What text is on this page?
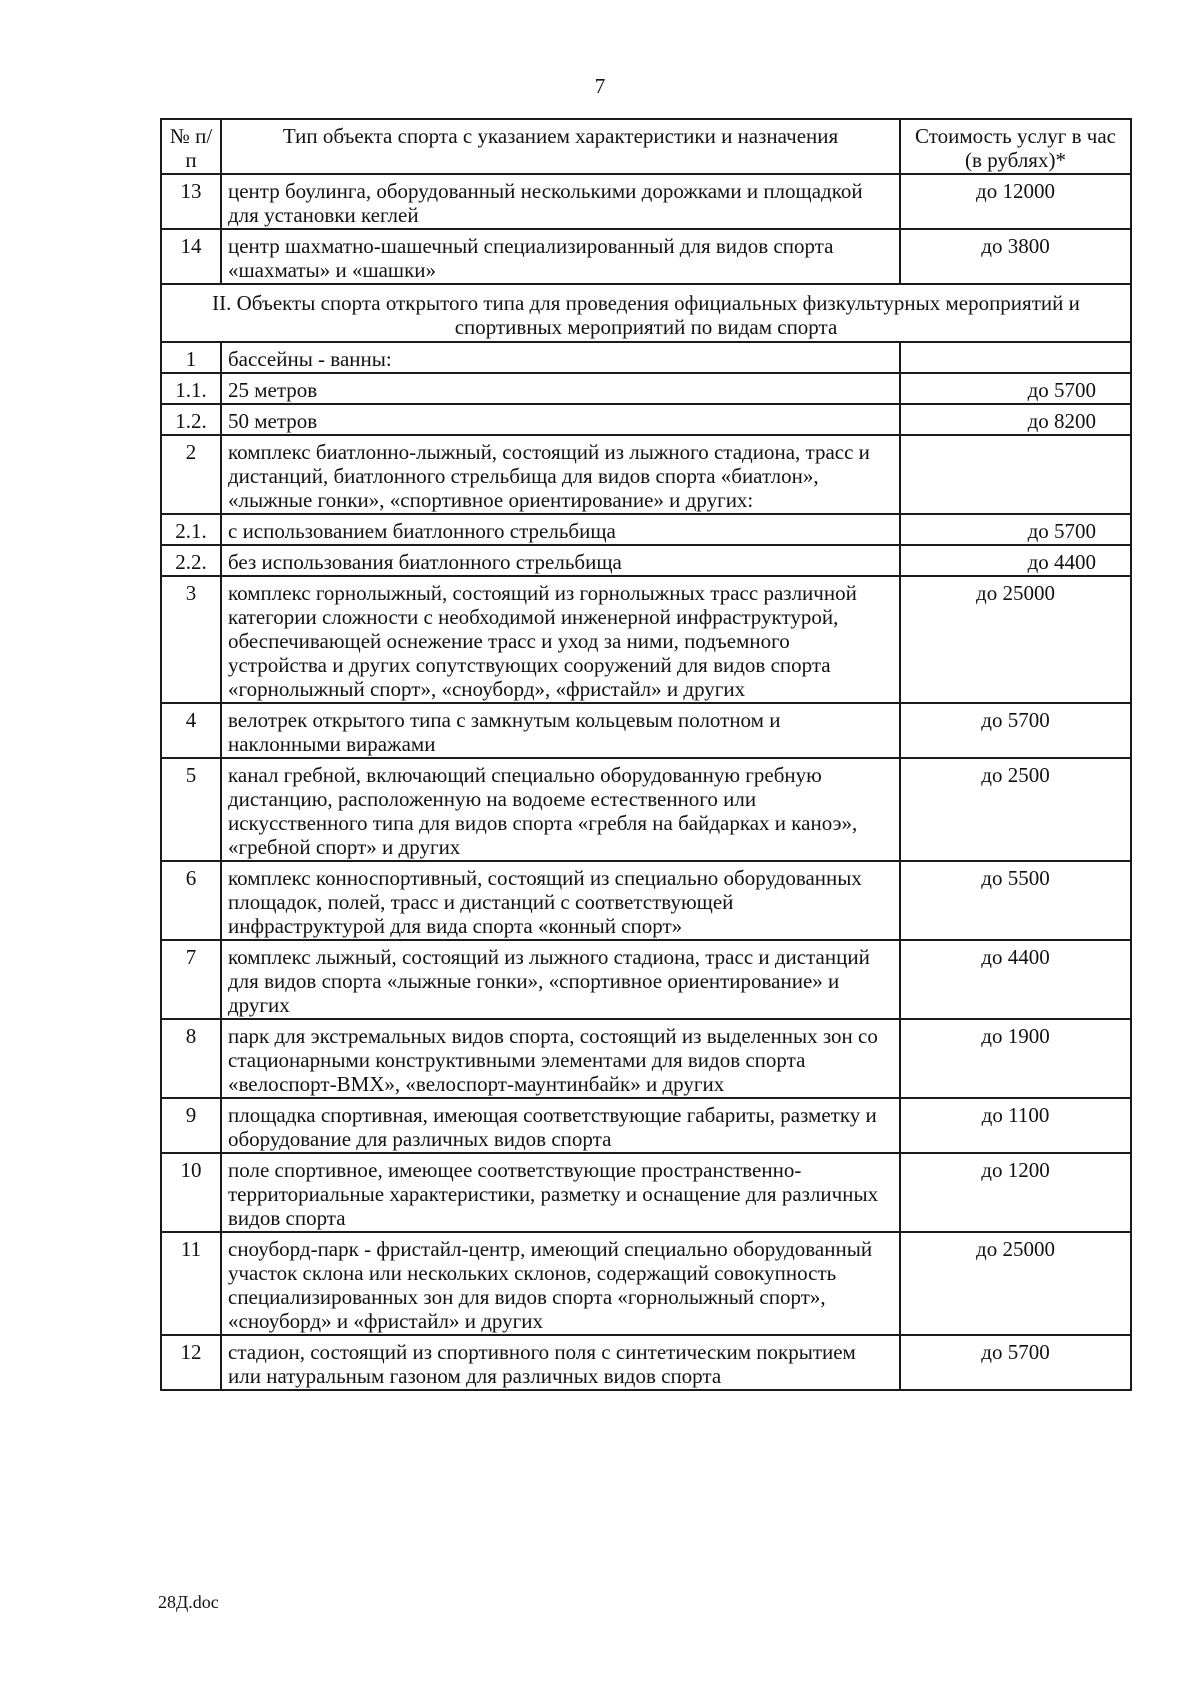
7
№ п/п	Тип объекта спорта с указанием характеристики и назначения	Стоимость услуг в час (в рублях)*
13	центр боулинга, оборудованный несколькими дорожками и площадкой для установки кеглей	до 12000
14	центр шахматно-шашечный специализированный для видов спорта «шахматы» и «шашки»	до 3800
II. Объекты спорта открытого типа для проведения официальных физкультурных мероприятий и спортивных мероприятий по видам спорта		
1	бассейны - ванны:	
1.1.	25 метров	до 5700
1.2.	50 метров	до 8200
2	комплекс биатлонно-лыжный, состоящий из лыжного стадиона, трасс и дистанций, биатлонного стрельбища для видов спорта «биатлон», «лыжные гонки», «спортивное ориентирование» и других:	
2.1.	с использованием биатлонного стрельбища	до 5700
2.2.	без использования биатлонного стрельбища	до 4400
3	комплекс горнолыжный, состоящий из горнолыжных трасс различной категории сложности с необходимой инженерной инфраструктурой, обеспечивающей оснежение трасс и уход за ними, подъемного устройства и других сопутствующих сооружений для видов спорта «горнолыжный спорт», «сноуборд», «фристайл» и других	до 25000
4	велотрек открытого типа с замкнутым кольцевым полотном и наклонными виражами	до 5700
5	канал гребной, включающий специально оборудованную гребную дистанцию, расположенную на водоеме естественного или искусственного типа для видов спорта «гребля на байдарках и каноэ», «гребной спорт» и других	до 2500
6	комплекс конноспортивный, состоящий из специально оборудованных площадок, полей, трасс и дистанций с соответствующей инфраструктурой для вида спорта «конный спорт»	до 5500
7	комплекс лыжный, состоящий из лыжного стадиона, трасс и дистанций для видов спорта «лыжные гонки», «спортивное ориентирование» и других	до 4400
8	парк для экстремальных видов спорта, состоящий из выделенных зон со стационарными конструктивными элементами для видов спорта «велоспорт-ВМХ», «велоспорт-маунтинбайк» и других	до 1900
9	площадка спортивная, имеющая соответствующие габариты, разметку и оборудование для различных видов спорта	до 1100
10	поле спортивное, имеющее соответствующие пространственно-территориальные характеристики, разметку и оснащение для различных видов спорта	до 1200
11	сноуборд-парк - фристайл-центр, имеющий специально оборудованный участок склона или нескольких склонов, содержащий совокупность специализированных зон для видов спорта «горнолыжный спорт», «сноуборд» и «фристайл» и других	до 25000
12	стадион, состоящий из спортивного поля с синтетическим покрытием или натуральным газоном для различных видов спорта	до 5700
28Д.doc
